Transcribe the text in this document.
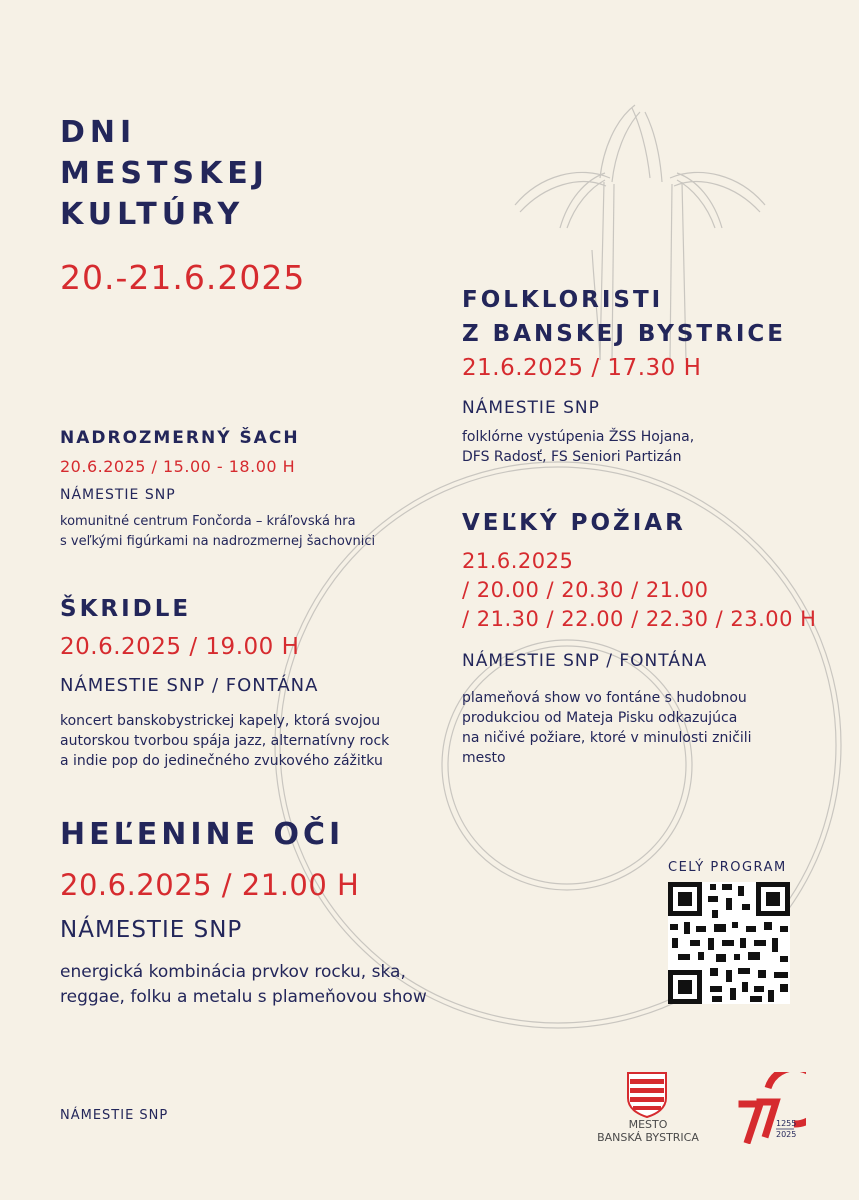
DNI
MESTSKEJ
KULTÚRY
20.-21.6.2025
FOLKLORISTI
Z BANSKEJ BYSTRICE
21.6.2025 / 17.30 H
NÁMESTIE SNP
folklórne vystúpenia ŽSS Hojana,
DFS Radosť, FS Seniori Partizán
NADROZMERNÝ ŠACH
20.6.2025 / 15.00 - 18.00 H
NÁMESTIE SNP
komunitné centrum Fončorda – kráľovská hra
s veľkými figúrkami na nadrozmernej šachovnici
VEĽKÝ POŽIAR
21.6.2025
/ 20.00 / 20.30 / 21.00
/ 21.30 / 22.00 / 22.30 / 23.00 H
NÁMESTIE SNP / FONTÁNA
plameňová show vo fontáne s hudobnou
produkciou od Mateja Pisku odkazujúca
na ničivé požiare, ktoré v minulosti zničili
mesto
ŠKRIDLE
20.6.2025 / 19.00 H
NÁMESTIE SNP / FONTÁNA
koncert banskobystrickej kapely, ktorá svojou
autorskou tvorbou spája jazz, alternatívny rock
a indie pop do jedinečného zvukového zážitku
HEĽENINE OČI
20.6.2025 / 21.00 H
NÁMESTIE SNP
energická kombinácia prvkov rocku, ska,
reggae, folku a metalu s plameňovou show
CELÝ PROGRAM
NÁMESTIE SNP
MESTO
BANSKÁ BYSTRICA
1255
2025
